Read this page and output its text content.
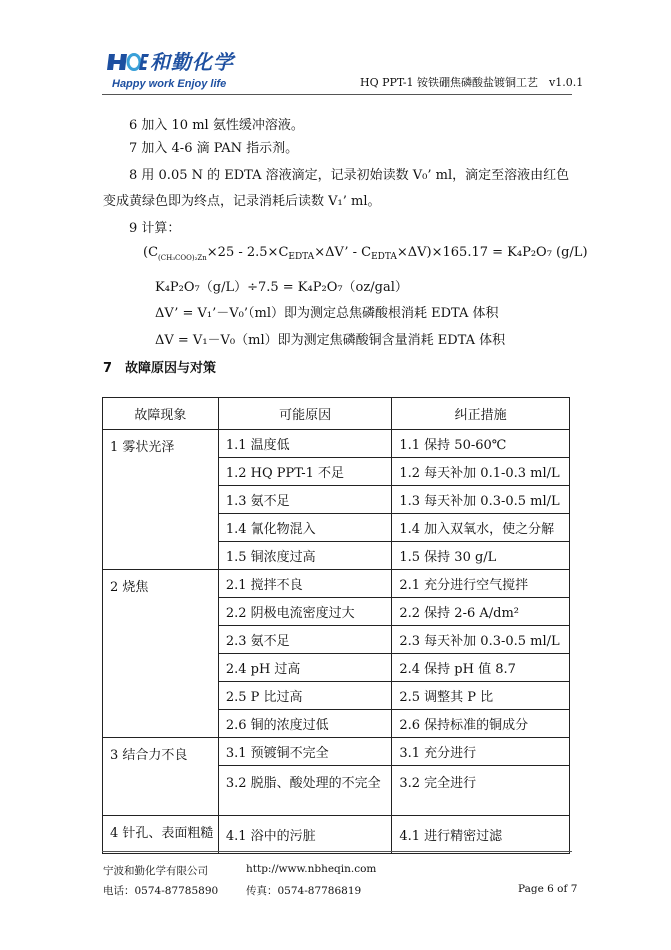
和勤化学
Happy work Enjoy life	HQ PPT-1 铵铁硼焦磷酸盐镀铜工艺　v1.0.1
6 加入 10 ml 氨性缓冲溶液。
7 加入 4-6 滴 PAN 指示剂。
8 用 0.05 N 的 EDTA 溶液滴定，记录初始读数 V₀’ ml，滴定至溶液由红色
变成黄绿色即为终点，记录消耗后读数 V₁’ ml。
9 计算：
($C_{(CH_3COO)_2Zn}\times 25 - 2.5\times C_{EDTA}\times\Delta V$’ - $C_{EDTA}\times\Delta V)\times 165.17 = K_4P_2O_7$ (g/L)
K₄P₂O₇（g/L）÷7.5 = K₄P₂O₇（oz/gal）
ΔV’ = V₁’－V₀’（ml）即为测定总焦磷酸根消耗 EDTA 体积
ΔV = V₁－V₀（ml）即为测定焦磷酸铜含量消耗 EDTA 体积
7　故障原因与对策
故障现象	可能原因	纠正措施
1 雾状光泽	1.1 温度低	1.1 保持 50-60℃
	1.2 HQ PPT-1 不足	1.2 每天补加 0.1-0.3 ml/L
	1.3 氨不足	1.3 每天补加 0.3-0.5 ml/L
	1.4 氰化物混入	1.4 加入双氧水，使之分解
	1.5 铜浓度过高	1.5 保持 30 g/L
2 烧焦	2.1 搅拌不良	2.1 充分进行空气搅拌
	2.2 阴极电流密度过大	2.2 保持 2-6 A/dm²
	2.3 氨不足	2.3 每天补加 0.3-0.5 ml/L
	2.4 pH 过高	2.4 保持 pH 值 8.7
	2.5 P 比过高	2.5 调整其 P 比
	2.6 铜的浓度过低	2.6 保持标准的铜成分
3 结合力不良	3.1 预镀铜不完全	3.1 充分进行
	3.2 脱脂、酸处理的不完全	3.2 完全进行
4 针孔、表面粗糙	4.1 浴中的污脏	4.1 进行精密过滤
宁波和勤化学有限公司	http://www.nbheqin.com
电话：0574-87785890	传真：0574-87786819	Page 6 of 7
